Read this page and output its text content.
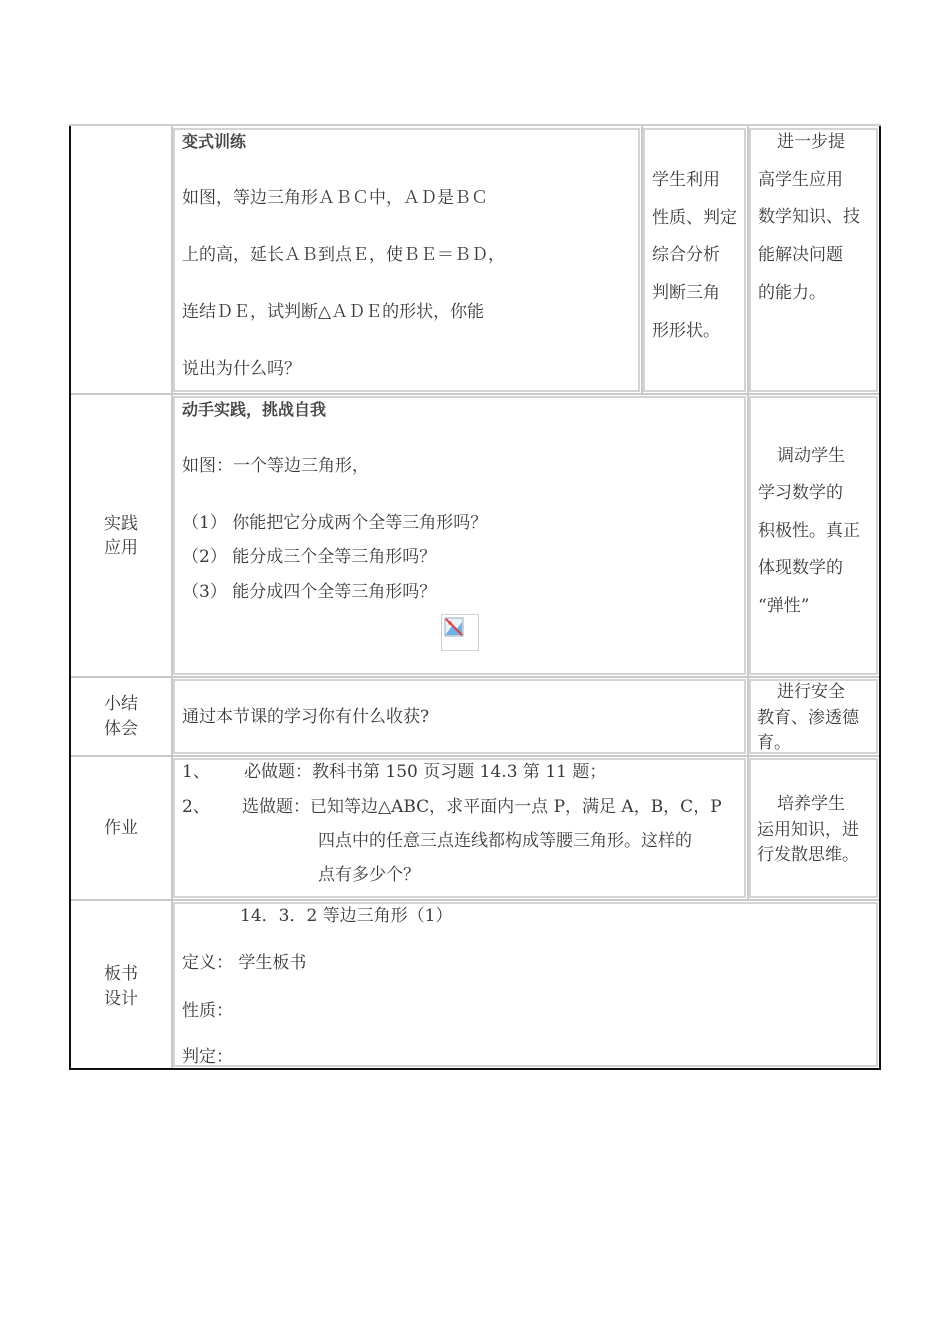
变式训练
如图，等边三角形ＡＢＣ中，ＡＤ是ＢＣ
上的高，延长ＡＢ到点Ｅ，使ＢＥ＝ＢＤ，
连结ＤＥ，试判断△ＡＤＥ的形状，你能
说出为什么吗？
学生利用
性质、判定
综合分析
判断三角
形形状。
进一步提
高学生应用
数学知识、技
能解决问题
的能力。
实践
应用
动手实践，挑战自我
如图：一个等边三角形，
（1） 你能把它分成两个全等三角形吗？
（2） 能分成三个全等三角形吗？
（3） 能分成四个全等三角形吗？
调动学生
学习数学的
积极性。真正
体现数学的
“弹性”
小结
体会
通过本节课的学习你有什么收获?
进行安全
教育、渗透德
育。
作业
1、 必做题：教科书第 150 页习题 14.3 第 11 题；
2、 选做题：已知等边△ABC，求平面内一点 P，满足 A，B，C，P
四点中的任意三点连线都构成等腰三角形。这样的
点有多少个？
培养学生
运用知识，进
行发散思维。
板书
设计
14．3．2 等边三角形（1）
定义： 学生板书
性质：
判定：
